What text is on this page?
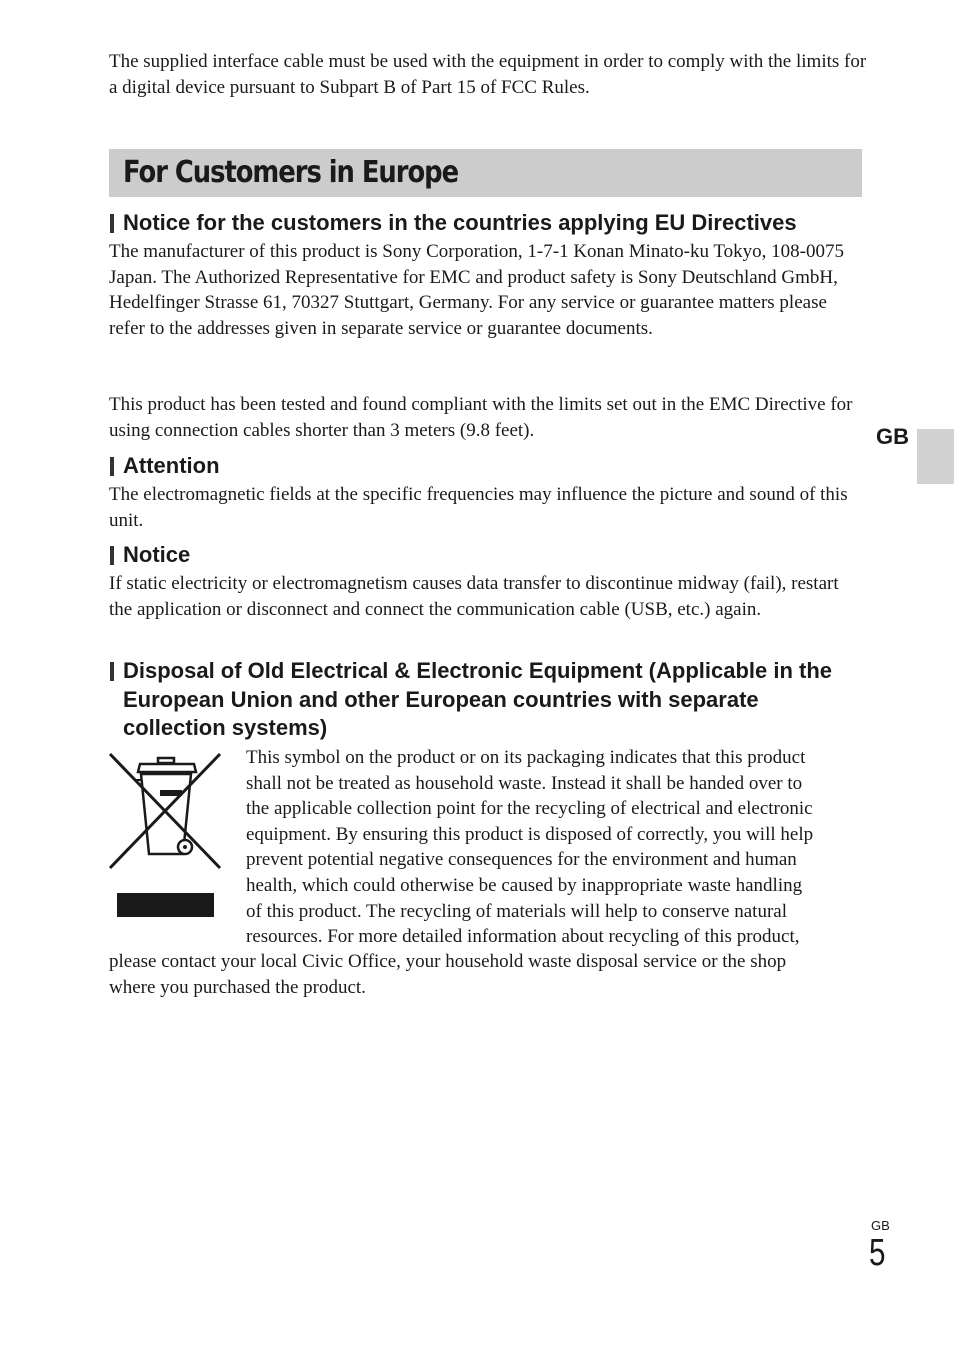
The supplied interface cable must be used with the equipment in order to comply with the limits for a digital device pursuant to Subpart B of Part 15 of FCC Rules.

For Customers in Europe
Notice for the customers in the countries applying EU Directives

The manufacturer of this product is Sony Corporation, 1-7-1 Konan Minato-ku Tokyo, 108-0075 Japan. The Authorized Representative for EMC and product safety is Sony Deutschland GmbH, Hedelfinger Strasse 61, 70327 Stuttgart, Germany. For any service or guarantee matters please refer to the addresses given in separate service or guarantee documents.

This product has been tested and found compliant with the limits set out in the EMC Directive for using connection cables shorter than 3 meters (9.8 feet).

Attention

The electromagnetic fields at the specific frequencies may influence the picture and sound of this unit.

Notice

If static electricity or electromagnetism causes data transfer to discontinue midway (fail), restart the application or disconnect and connect the communication cable (USB, etc.) again.

Disposal of Old Electrical & Electronic Equipment (Applicable in the European Union and other European countries with separate collection systems)
This symbol on the product or on its packaging indicates that this product
shall not be treated as household waste. Instead it shall be handed over to
the applicable collection point for the recycling of electrical and electronic
equipment. By ensuring this product is disposed of correctly, you will help
prevent potential negative consequences for the environment and human
health, which could otherwise be caused by inappropriate waste handling
of this product. The recycling of materials will help to conserve natural
resources. For more detailed information about recycling of this product,
please contact your local Civic Office, your household waste disposal service or the shop
where you purchased the product.
GB
GB
5
